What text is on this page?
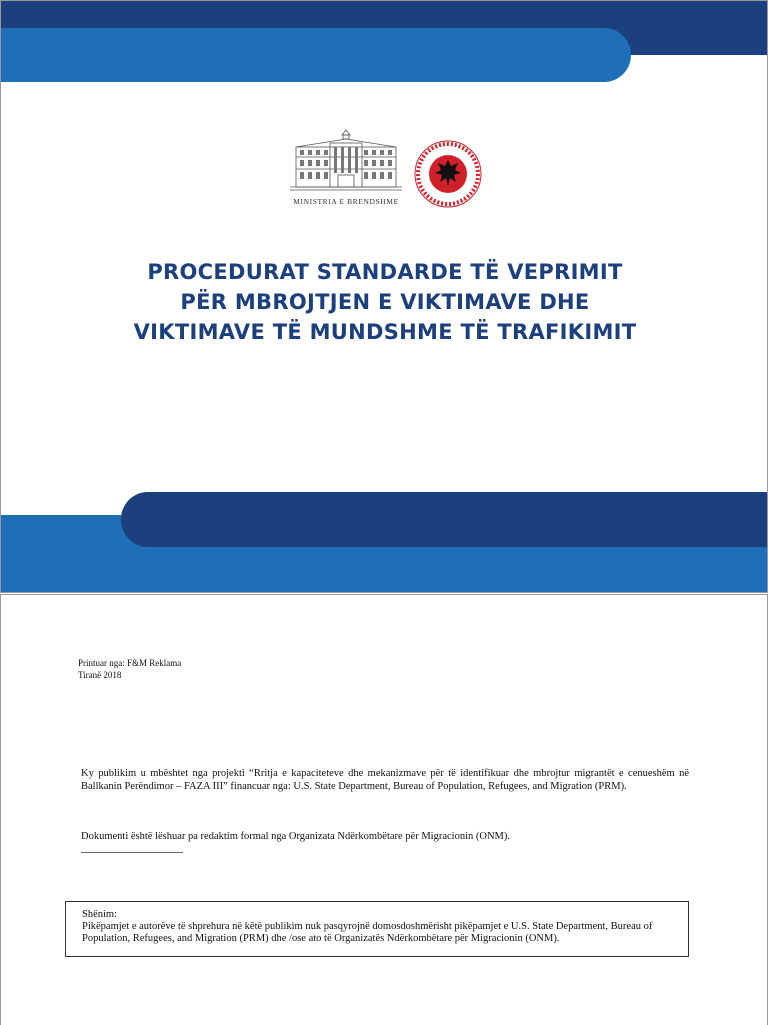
MINISTRIA E BRENDSHME
PROCEDURAT STANDARDE TË VEPRIMIT
PËR MBROJTJEN E VIKTIMAVE DHE
VIKTIMAVE TË MUNDSHME TË TRAFIKIMIT
Printuar nga: F&M Reklama
Tiranë 2018

Ky publikim u mbështet nga projekti “Rritja e kapaciteteve dhe mekanizmave për të identifikuar dhe mbrojtur migrantët e cenueshëm në Ballkanin Perëndimor – FAZA III” financuar nga: U.S. State Department, Bureau of Population, Refugees, and Migration (PRM).

Dokumenti është lëshuar pa redaktim formal nga Organizata Ndërkombëtare për Migracionin (ONM).

Shënim:

Pikëpamjet e autorëve të shprehura në këtë publikim nuk pasqyrojnë domosdoshmërisht pikëpamjet e U.S. State Department, Bureau of Population, Refugees, and Migration (PRM) dhe /ose ato të Organizatës Ndërkombëtare për Migracionin (ONM).
